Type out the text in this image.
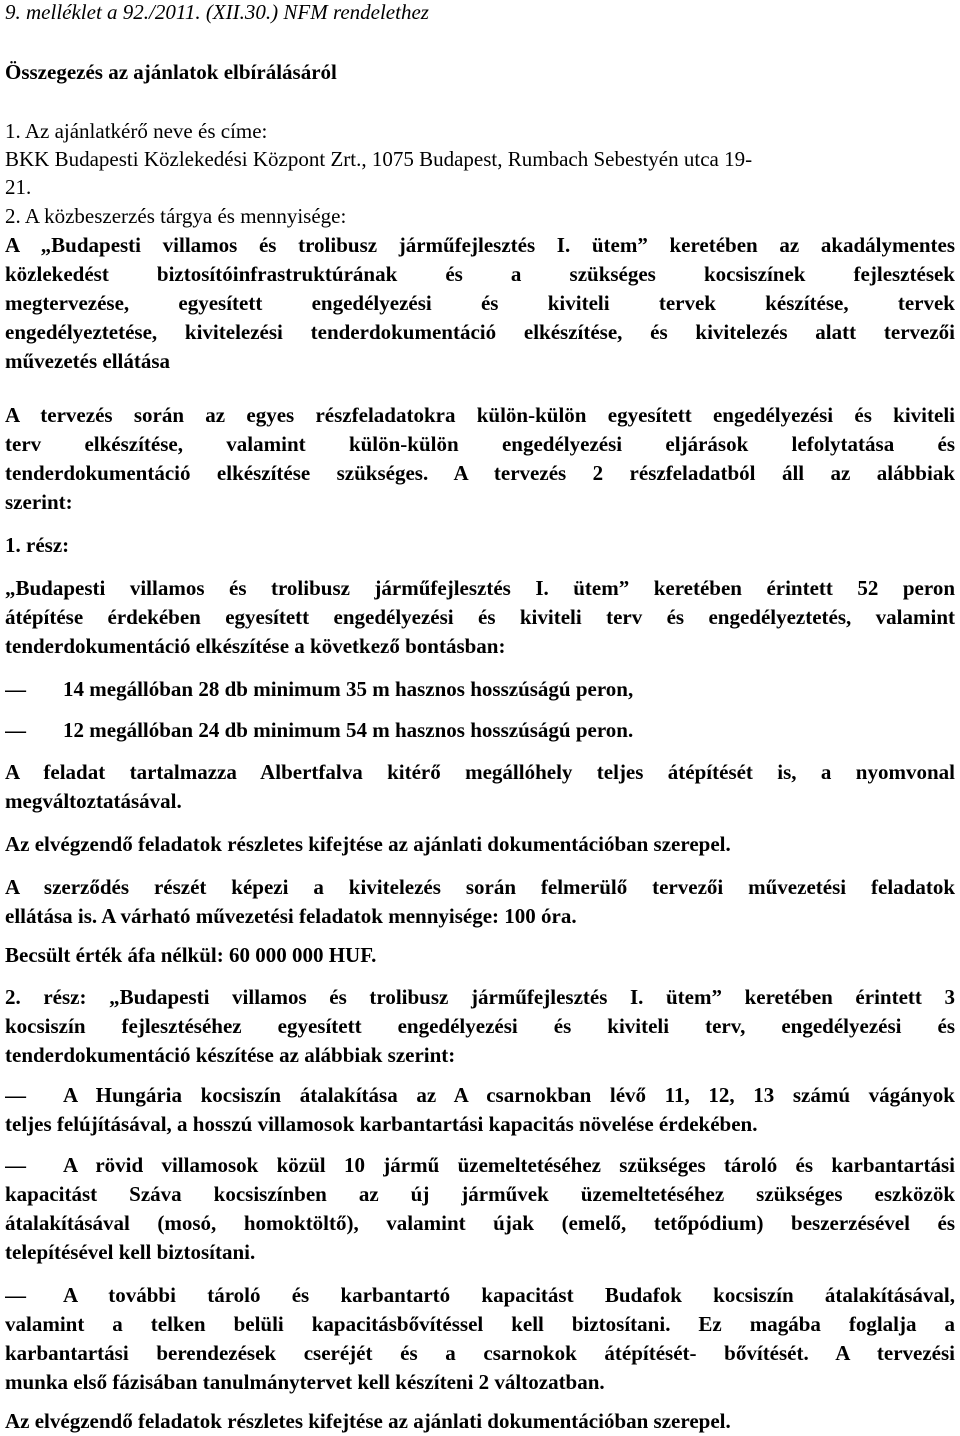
9. melléklet a 92./2011. (XII.30.) NFM rendelethez
Összegezés az ajánlatok elbírálásáról
1. Az ajánlatkérő neve és címe:
BKK Budapesti Közlekedési Központ Zrt., 1075 Budapest, Rumbach Sebestyén utca 19-
21.
2. A közbeszerzés tárgya és mennyisége:
A „Budapesti villamos és trolibusz járműfejlesztés I. ütem” keretében az akadálymentes
közlekedést biztosítóinfrastruktúrának és a szükséges kocsiszínek fejlesztések
megtervezése, egyesített engedélyezési és kiviteli tervek készítése, tervek
engedélyeztetése, kivitelezési tenderdokumentáció elkészítése, és kivitelezés alatt tervezői
művezetés ellátása
A tervezés során az egyes részfeladatokra külön-külön egyesített engedélyezési és kiviteli
terv elkészítése, valamint külön-külön engedélyezési eljárások lefolytatása és
tenderdokumentáció elkészítése szükséges. A tervezés 2 részfeladatból áll az alábbiak
szerint:
1. rész:
„Budapesti villamos és trolibusz járműfejlesztés I. ütem” keretében érintett 52 peron
átépítése érdekében egyesített engedélyezési és kiviteli terv és engedélyeztetés, valamint
tenderdokumentáció elkészítése a következő bontásban:
— 14 megállóban 28 db minimum 35 m hasznos hosszúságú peron,
— 12 megállóban 24 db minimum 54 m hasznos hosszúságú peron.
A feladat tartalmazza Albertfalva kitérő megállóhely teljes átépítését is, a nyomvonal
megváltoztatásával.
Az elvégzendő feladatok részletes kifejtése az ajánlati dokumentációban szerepel.
A szerződés részét képezi a kivitelezés során felmerülő tervezői művezetési feladatok
ellátása is. A várható művezetési feladatok mennyisége: 100 óra.
Becsült érték áfa nélkül: 60 000 000 HUF.
2. rész: „Budapesti villamos és trolibusz járműfejlesztés I. ütem” keretében érintett 3
kocsiszín fejlesztéséhez egyesített engedélyezési és kiviteli terv, engedélyezési és
tenderdokumentáció készítése az alábbiak szerint:
— A Hungária kocsiszín átalakítása az A csarnokban lévő 11, 12, 13 számú vágányok
teljes felújításával, a hosszú villamosok karbantartási kapacitás növelése érdekében.
— A rövid villamosok közül 10 jármű üzemeltetéséhez szükséges tároló és karbantartási
kapacitást Száva kocsiszínben az új járművek üzemeltetéséhez szükséges eszközök
átalakításával (mosó, homoktöltő), valamint újak (emelő, tetőpódium) beszerzésével és
telepítésével kell biztosítani.
— A további tároló és karbantartó kapacitást Budafok kocsiszín átalakításával,
valamint a telken belüli kapacitásbővítéssel kell biztosítani. Ez magába foglalja a
karbantartási berendezések cseréjét és a csarnokok átépítését- bővítését. A tervezési
munka első fázisában tanulmánytervet kell készíteni 2 változatban.
Az elvégzendő feladatok részletes kifejtése az ajánlati dokumentációban szerepel.
